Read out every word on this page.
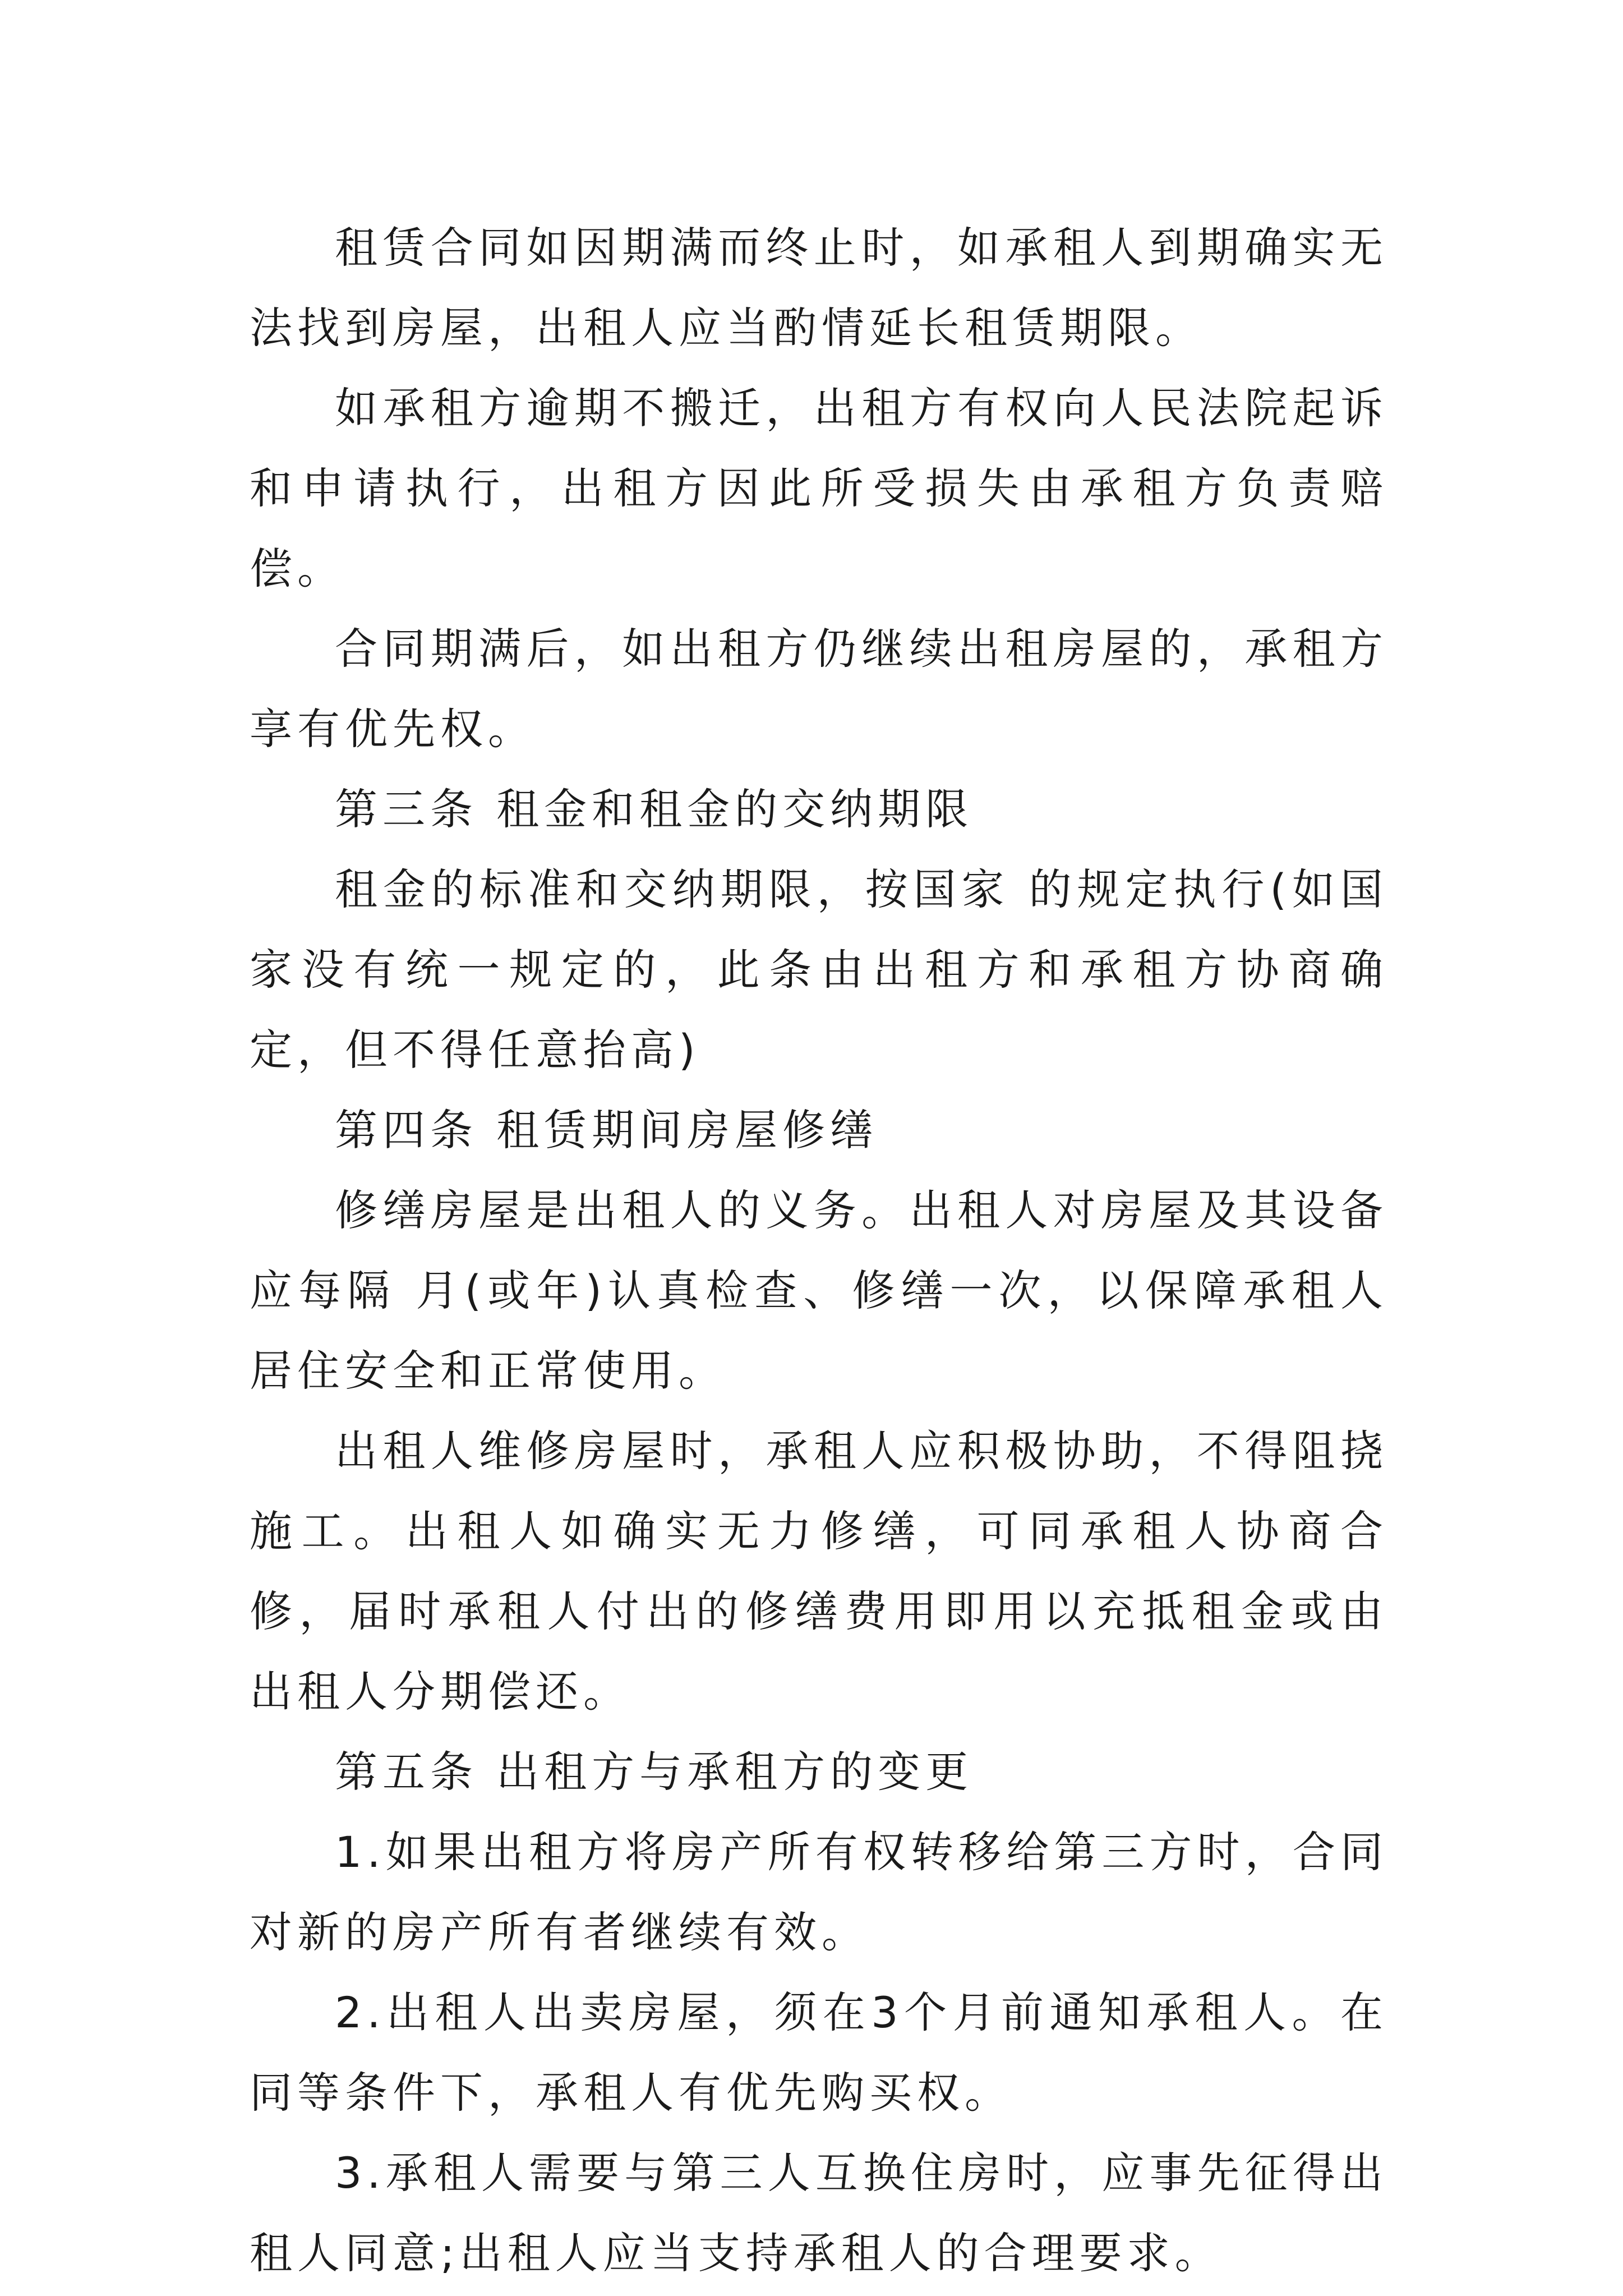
租赁合同如因期满而终止时，如承租人到期确实无法找到房屋，出租人应当酌情延长租赁期限。

如承租方逾期不搬迁，出租方有权向人民法院起诉和申请执行，出租方因此所受损失由承租方负责赔偿。

合同期满后，如出租方仍继续出租房屋的，承租方享有优先权。

第三条 租金和租金的交纳期限

租金的标准和交纳期限，按国家 的规定执行(如国家没有统一规定的，此条由出租方和承租方协商确定，但不得任意抬高)

第四条 租赁期间房屋修缮

修缮房屋是出租人的义务。出租人对房屋及其设备应每隔 月(或年)认真检查、修缮一次，以保障承租人居住安全和正常使用。

出租人维修房屋时，承租人应积极协助，不得阻挠施工。出租人如确实无力修缮，可同承租人协商合修，届时承租人付出的修缮费用即用以充抵租金或由出租人分期偿还。

第五条 出租方与承租方的变更

1.如果出租方将房产所有权转移给第三方时，合同对新的房产所有者继续有效。

2.出租人出卖房屋，须在3个月前通知承租人。在同等条件下，承租人有优先购买权。

3.承租人需要与第三人互换住房时，应事先征得出租人同意;出租人应当支持承租人的合理要求。
